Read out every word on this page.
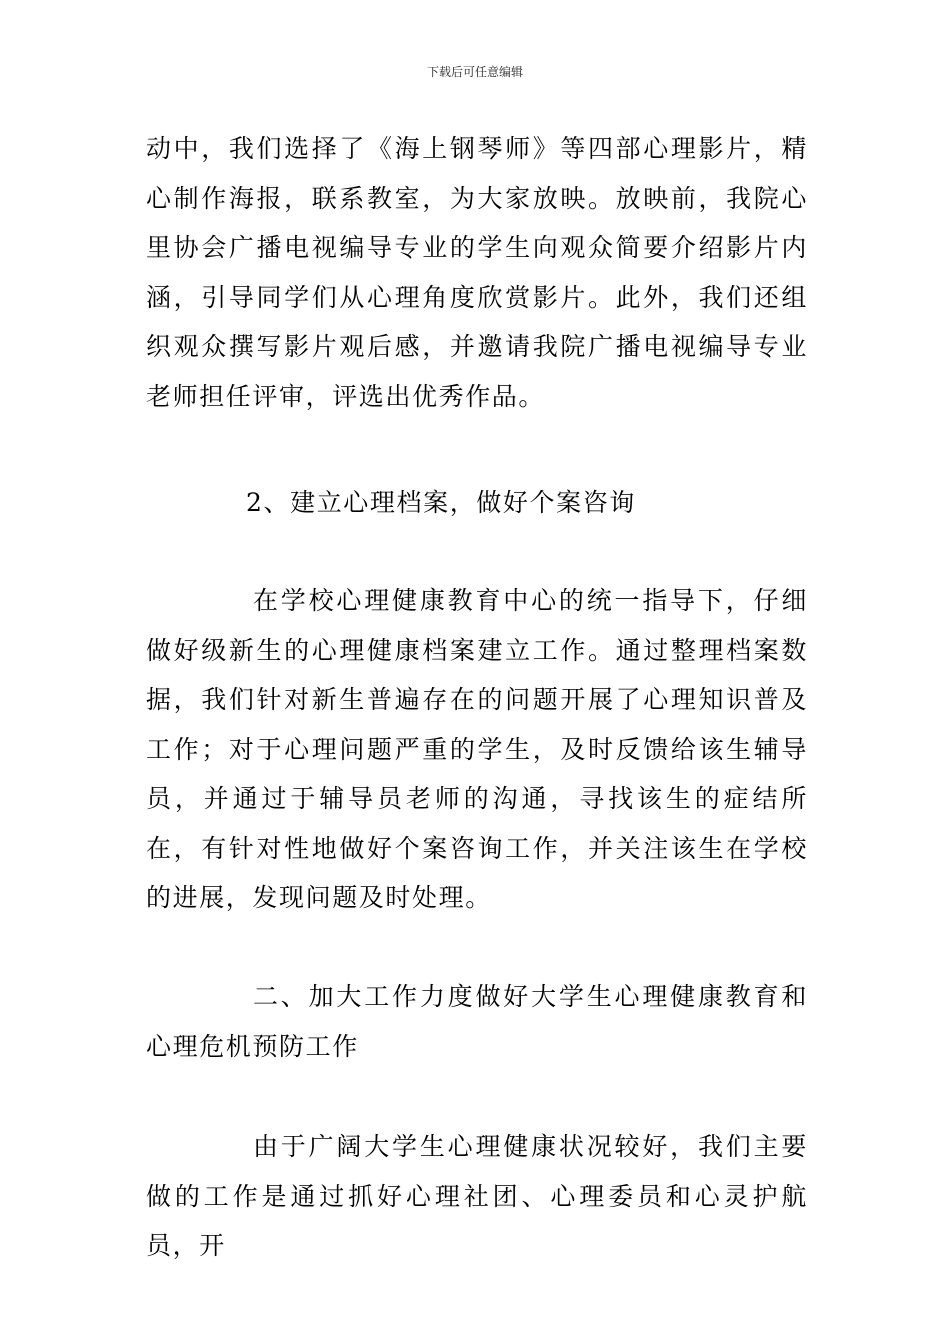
下载后可任意编辑

动中，我们选择了《海上钢琴师》等四部心理影片，精心制作海报，联系教室，为大家放映。放映前，我院心里协会广播电视编导专业的学生向观众简要介绍影片内涵，引导同学们从心理角度欣赏影片。此外，我们还组织观众撰写影片观后感，并邀请我院广播电视编导专业老师担任评审，评选出优秀作品。

2、建立心理档案，做好个案咨询

在学校心理健康教育中心的统一指导下，仔细做好级新生的心理健康档案建立工作。通过整理档案数据，我们针对新生普遍存在的问题开展了心理知识普及工作；对于心理问题严重的学生，及时反馈给该生辅导员，并通过于辅导员老师的沟通，寻找该生的症结所在，有针对性地做好个案咨询工作，并关注该生在学校的进展，发现问题及时处理。

二、加大工作力度做好大学生心理健康教育和心理危机预防工作

由于广阔大学生心理健康状况较好，我们主要做的工作是通过抓好心理社团、心理委员和心灵护航员，开
